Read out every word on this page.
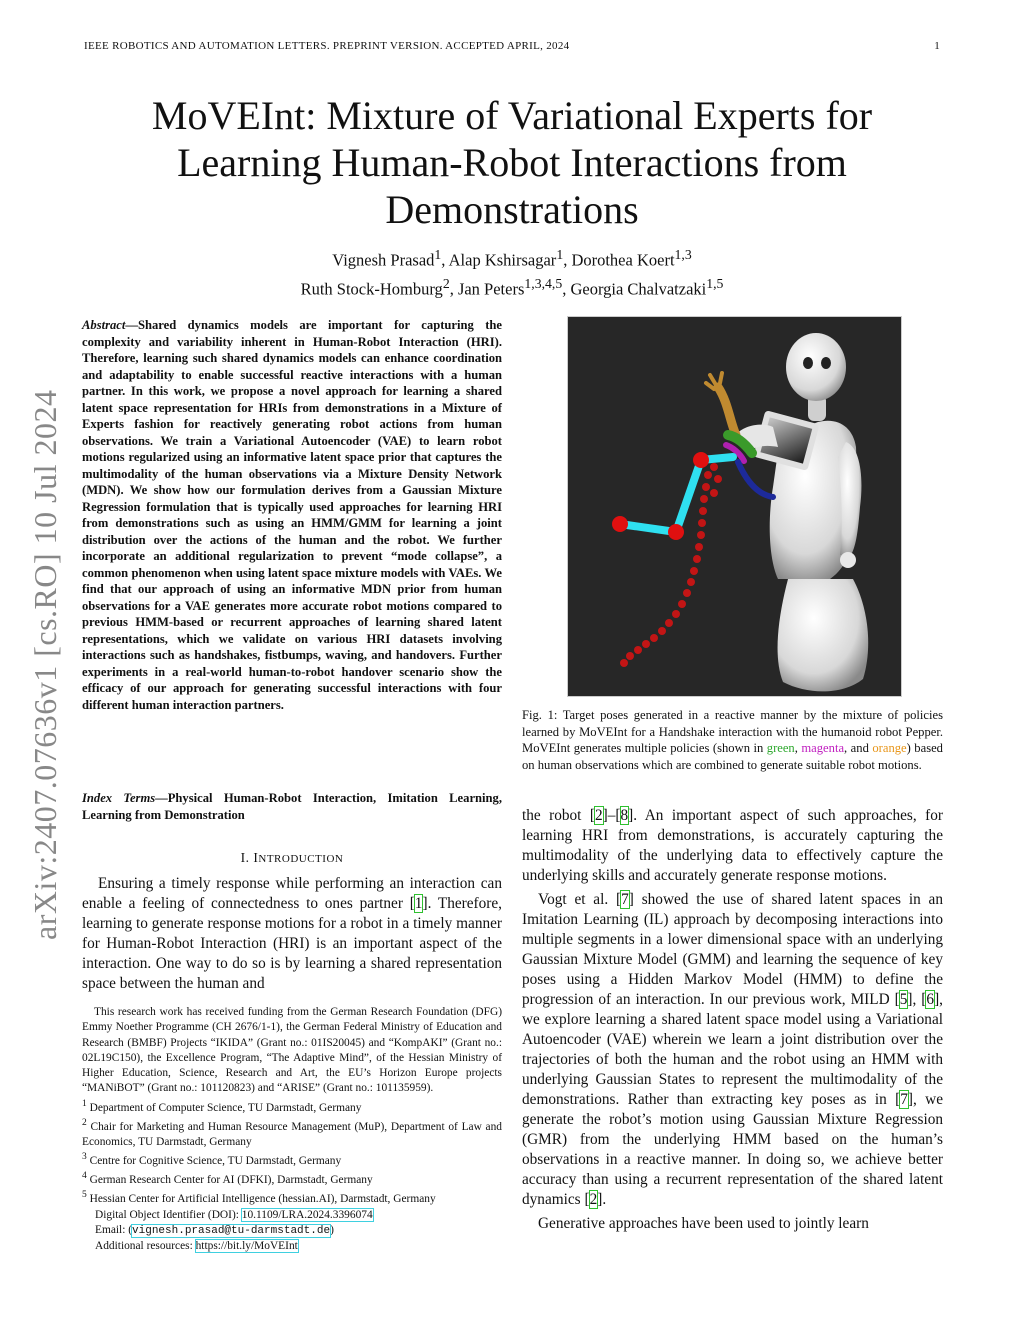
IEEE ROBOTICS AND AUTOMATION LETTERS. PREPRINT VERSION. ACCEPTED APRIL, 2024	1
arXiv:2407.07636v1 [cs.RO] 10 Jul 2024
MoVEInt: Mixture of Variational Experts for
Learning Human-Robot Interactions from
Demonstrations
Vignesh Prasad$^1$, Alap Kshirsagar$^1$, Dorothea Koert$^{1,3}$
Ruth Stock-Homburg$^2$, Jan Peters$^{1,3,4,5}$, Georgia Chalvatzaki$^{1,5}$
Abstract—Shared dynamics models are important for capturing the complexity and variability inherent in Human-Robot Interaction (HRI). Therefore, learning such shared dynamics models can enhance coordination and adaptability to enable successful reactive interactions with a human partner. In this work, we propose a novel approach for learning a shared latent space representation for HRIs from demonstrations in a Mixture of Experts fashion for reactively generating robot actions from human observations. We train a Variational Autoencoder (VAE) to learn robot motions regularized using an informative latent space prior that captures the multimodality of the human observations via a Mixture Density Network (MDN). We show how our formulation derives from a Gaussian Mixture Regression formulation that is typically used approaches for learning HRI from demonstrations such as using an HMM/GMM for learning a joint distribution over the actions of the human and the robot. We further incorporate an additional regularization to prevent “mode collapse”, a common phenomenon when using latent space mixture models with VAEs. We find that our approach of using an informative MDN prior from human observations for a VAE generates more accurate robot motions compared to previous HMM-based or recurrent approaches of learning shared latent representations, which we validate on various HRI datasets involving interactions such as handshakes, fistbumps, waving, and handovers. Further experiments in a real-world human-to-robot handover scenario show the efficacy of our approach for generating successful interactions with four different human interaction partners.
Index Terms—Physical Human-Robot Interaction, Imitation Learning, Learning from Demonstration
I. INTRODUCTION

Ensuring a timely response while performing an interaction can enable a feeling of connectedness to ones partner [1]. Therefore, learning to generate response motions for a robot in a timely manner for Human-Robot Interaction (HRI) is an important aspect of the interaction. One way to do so is by learning a shared representation space between the human and

This research work has received funding from the German Research Foundation (DFG) Emmy Noether Programme (CH 2676/1-1), the German Federal Ministry of Education and Research (BMBF) Projects “IKIDA” (Grant no.: 01IS20045) and “KompAKI” (Grant no.: 02L19C150), the Excellence Program, “The Adaptive Mind”, of the Hessian Ministry of Higher Education, Science, Research and Art, the EU’s Horizon Europe projects “MANiBOT” (Grant no.: 101120823) and “ARISE” (Grant no.: 101135959).

$^1$ Department of Computer Science, TU Darmstadt, Germany

$^2$ Chair for Marketing and Human Resource Management (MuP), Department of Law and Economics, TU Darmstadt, Germany

$^3$ Centre for Cognitive Science, TU Darmstadt, Germany

$^4$ German Research Center for AI (DFKI), Darmstadt, Germany

$^5$ Hessian Center for Artificial Intelligence (hessian.AI), Darmstadt, Germany

Digital Object Identifier (DOI): 10.1109/LRA.2024.3396074

Email: (vignesh.prasad@tu-darmstadt.de)

Additional resources: https://bit.ly/MoVEInt

Fig. 1: Target poses generated in a reactive manner by the mixture of policies learned by MoVEInt for a Handshake interaction with the humanoid robot Pepper. MoVEInt generates multiple policies (shown in green, magenta, and orange) based on human observations which are combined to generate suitable robot motions.

the robot [2]–[8]. An important aspect of such approaches, for learning HRI from demonstrations, is accurately capturing the multimodality of the underlying data to effectively capture the underlying skills and accurately generate response motions.

Vogt et al. [7] showed the use of shared latent spaces in an Imitation Learning (IL) approach by decomposing interactions into multiple segments in a lower dimensional space with an underlying Gaussian Mixture Model (GMM) and learning the sequence of key poses using a Hidden Markov Model (HMM) to define the progression of an interaction. In our previous work, MILD [5], [6], we explore learning a shared latent space model using a Variational Autoencoder (VAE) wherein we learn a joint distribution over the trajectories of both the human and the robot using an HMM with underlying Gaussian States to represent the multimodality of the demonstrations. Rather than extracting key poses as in [7], we generate the robot’s motion using Gaussian Mixture Regression (GMR) from the underlying HMM based on the human’s observations in a reactive manner. In doing so, we achieve better accuracy than using a recurrent representation of the shared latent dynamics [2].

Generative approaches have been used to jointly learn
